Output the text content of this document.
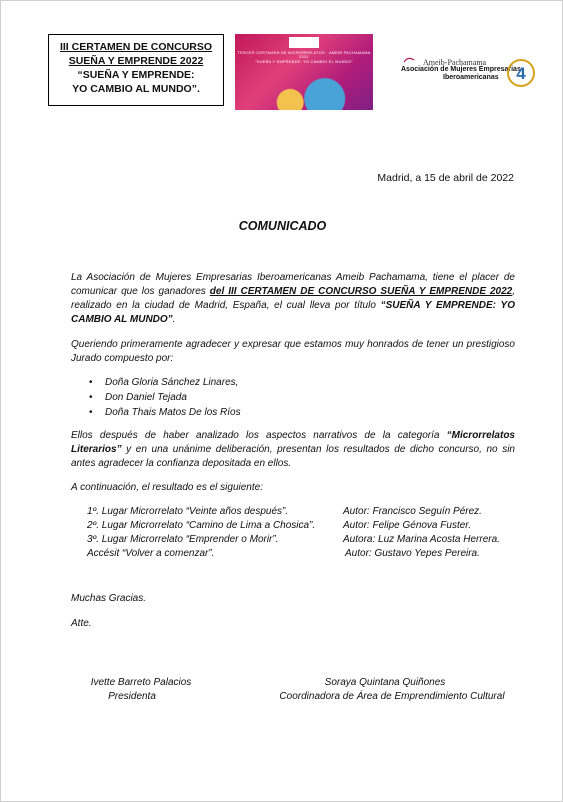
III CERTAMEN DE CONCURSO
SUEÑA Y EMPRENDE 2022
“SUEÑA Y EMPRENDE:
YO CAMBIO AL MUNDO”.
TERCER CERTAMEN DE MICRORRELATOS · AMEIB PACHAMAMA 2022
“SUEÑA Y EMPRENDE: YO CAMBIO EL MUNDO”	Ameib-Pachamama
Asociación de Mujeres Empresarias
Iberoamericanas 4
Madrid, a 15 de abril de 2022
COMUNICADO
La Asociación de Mujeres Empresarias Iberoamericanas Ameib Pachamama, tiene el placer de comunicar que los ganadores del III CERTAMEN DE CONCURSO SUEÑA Y EMPRENDE 2022, realizado en la ciudad de Madrid, España, el cual lleva por título “SUEÑA Y EMPRENDE: YO CAMBIO AL MUNDO”.
Queriendo primeramente agradecer y expresar que estamos muy honrados de tener un prestigioso Jurado compuesto por:
• Doña Gloria Sánchez Linares,
• Don Daniel Tejada
• Doña Thais Matos De los Ríos
Ellos después de haber analizado los aspectos narrativos de la categoría “Microrrelatos Literarios” y en una unánime deliberación, presentan los resultados de dicho concurso, no sin antes agradecer la confianza depositada en ellos.
A continuación, el resultado es el siguiente:
1º. Lugar Microrrelato “Veinte años después”.	Autor: Francisco Seguín Pérez.
2º. Lugar Microrrelato “Camino de Lima a Chosica”.	Autor: Felipe Génova Fuster.
3º. Lugar Microrrelato “Emprender o Morir”.	Autora: Luz Marina Acosta Herrera.
Accésit “Volver a comenzar”.	Autor: Gustavo Yepes Pereira.
Muchas Gracias.
Atte.
Ivette Barreto Palacios
Presidenta
Soraya Quintana Quiñones
Coordinadora de Área de Emprendimiento Cultural
